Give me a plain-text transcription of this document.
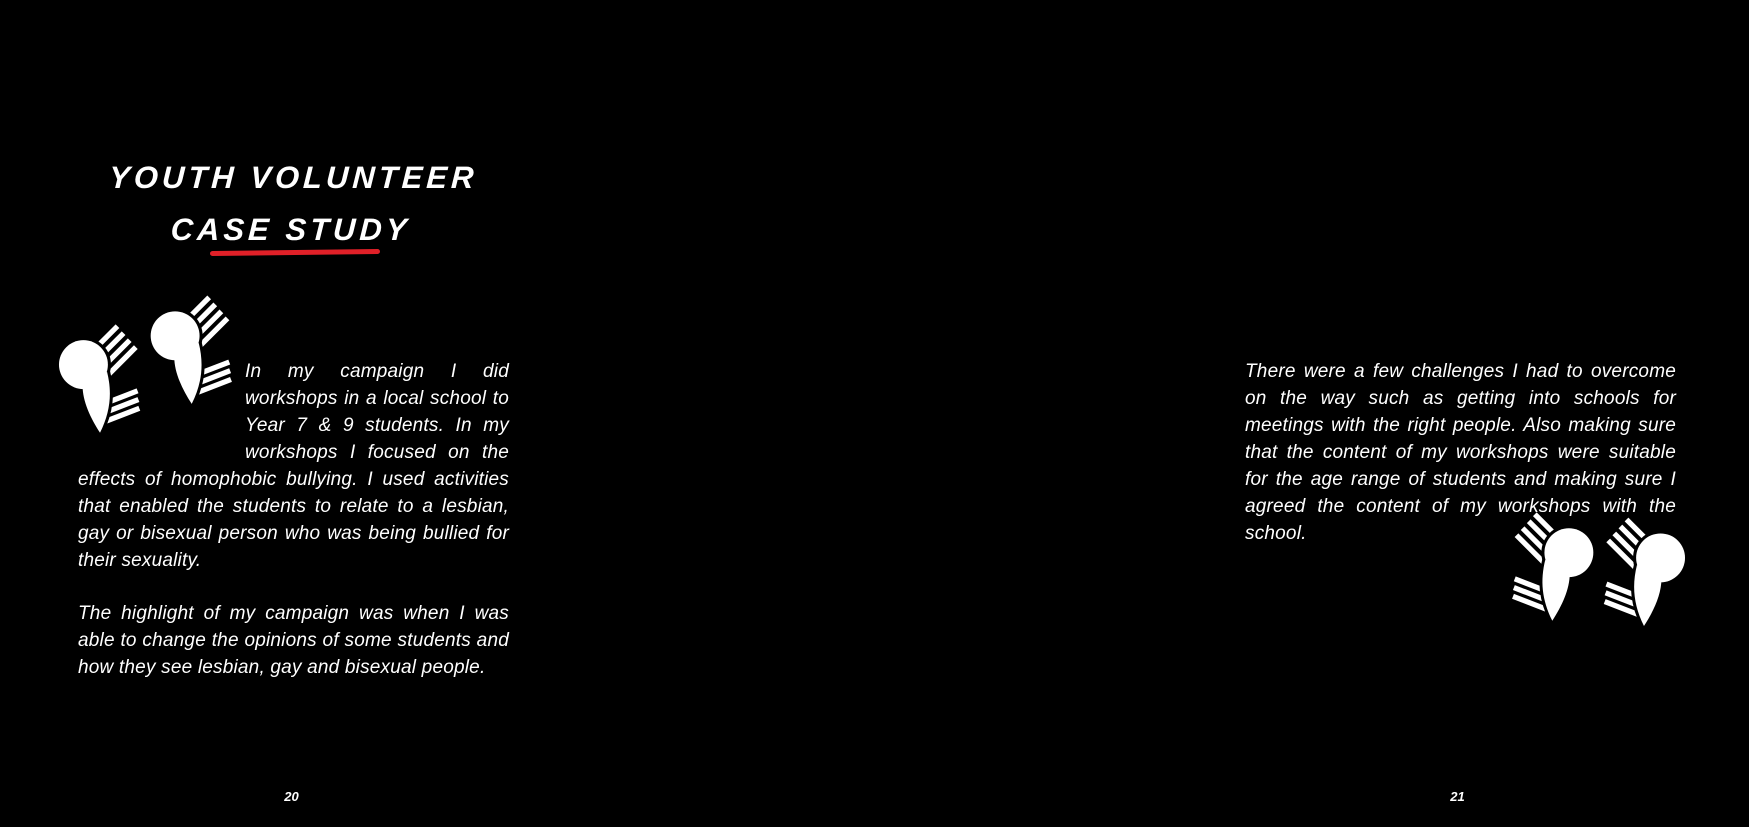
YOUTH VOLUNTEER
CASE STUDY

In my campaign I did workshops in a local school to Year 7 & 9 students. In my workshops I focused on the effects of homophobic bullying. I used activities that enabled the students to relate to a lesbian, gay or bisexual person who was being bullied for their sexuality.

The highlight of my campaign was when I was able to change the opinions of some students and how they see lesbian, gay and bisexual people.

20

There were a few challenges I had to overcome on the way such as getting into schools for meetings with the right people. Also making sure that the content of my workshops were suitable for the age range of students and making sure I agreed the content of my workshops with the school.

21
